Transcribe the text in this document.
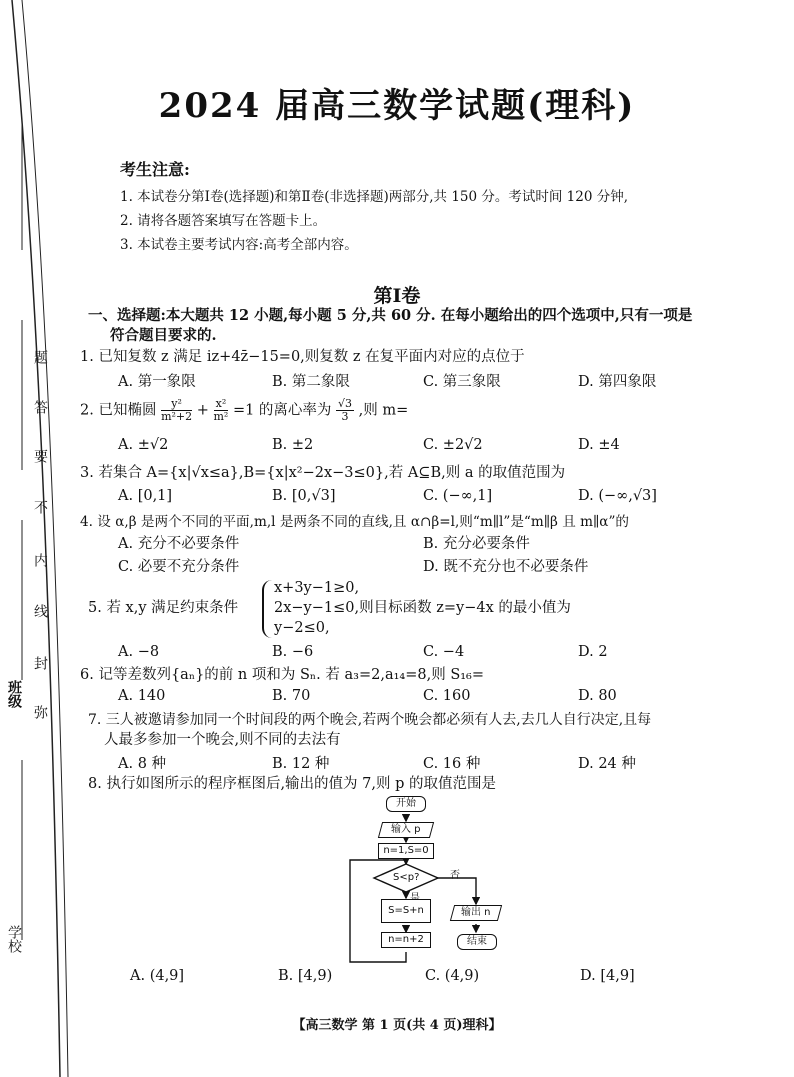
题
答
要
不
内
线
封
弥
班级
学校
2024 届高三数学试题(理科)
考生注意:
1. 本试卷分第Ⅰ卷(选择题)和第Ⅱ卷(非选择题)两部分,共 150 分。考试时间 120 分钟,
2. 请将各题答案填写在答题卡上。
3. 本试卷主要考试内容:高考全部内容。
第Ⅰ卷
一、选择题:本大题共 12 小题,每小题 5 分,共 60 分. 在每小题给出的四个选项中,只有一项是
符合题目要求的.
1. 已知复数 z 满足 iz+4z̄−15=0,则复数 z 在复平面内对应的点位于
A. 第一象限	B. 第二象限	C. 第三象限	D. 第四象限
2. 已知椭圆 $\frac{\text{y²}}{\text{m²+2}} + \frac{\text{x²}}{\text{m²}} =1$ 的离心率为 $\frac{√3}{3}$ ,则 m=
A. ±√2	B. ±2	C. ±2√2	D. ±4
3. 若集合 A={x|√x≤a},B={x|x²−2x−3≤0},若 A⊆B,则 a 的取值范围为
A. [0,1]	B. [0,√3]	C. (−∞,1]	D. (−∞,√3]
4. 设 α,β 是两个不同的平面,m,l 是两条不同的直线,且 α∩β=l,则“m∥l”是“m∥β 且 m∥α”的
A. 充分不必要条件	B. 充分必要条件
C. 必要不充分条件	D. 既不充分也不必要条件
5. 若 x,y 满足约束条件
x+3y−1≥0,
2x−y−1≤0,则目标函数 z=y−4x 的最小值为
y−2≤0,
A. −8	B. −6	C. −4	D. 2
6. 记等差数列{aₙ}的前 n 项和为 Sₙ. 若 a₃=2,a₁₄=8,则 S₁₆=
A. 140	B. 70	C. 160	D. 80
7. 三人被邀请参加同一个时间段的两个晚会,若两个晚会都必须有人去,去几人自行决定,且每
人最多参加一个晚会,则不同的去法有
A. 8 种	B. 12 种	C. 16 种	D. 24 种
8. 执行如图所示的程序框图后,输出的值为 7,则 p 的取值范围是
开始
输入 p
n=1,S=0
S<p?	否
S=S+n
n=n+2
输出 n
结束
A. (4,9]	B. [4,9)	C. (4,9)	D. [4,9]
【高三数学 第 1 页(共 4 页)理科】
